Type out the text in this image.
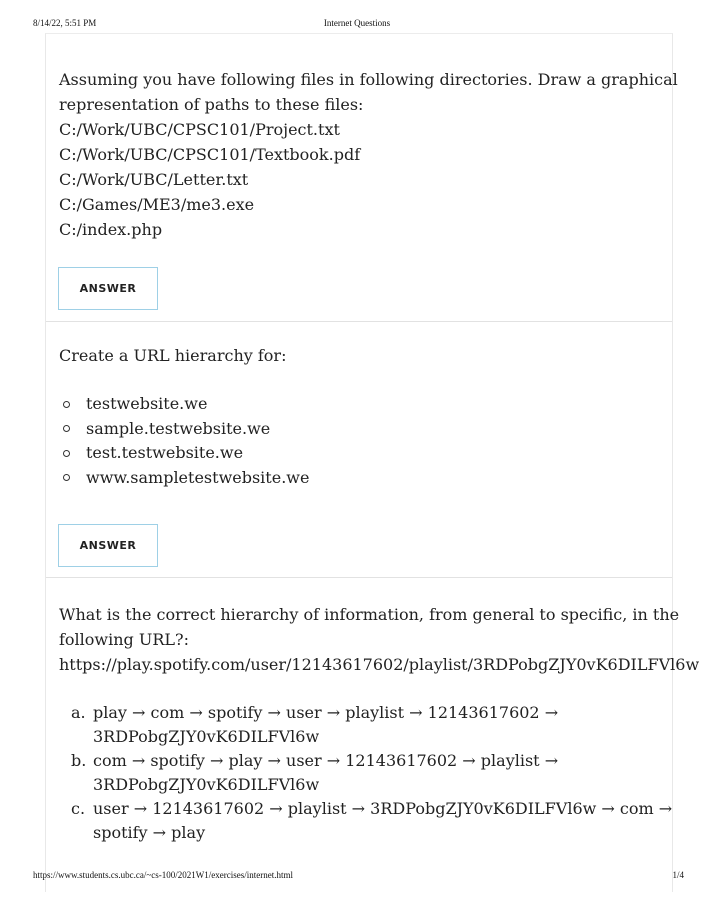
8/14/22, 5:51 PM	Internet Questions
Assuming you have following files in following directories. Draw a graphical
representation of paths to these files:
C:/Work/UBC/CPSC101/Project.txt
C:/Work/UBC/CPSC101/Textbook.pdf
C:/Work/UBC/Letter.txt
C:/Games/ME3/me3.exe
C:/index.php
ANSWER
Create a URL hierarchy for:
testwebsite.we
sample.testwebsite.we
test.testwebsite.we
www.sampletestwebsite.we
ANSWER
What is the correct hierarchy of information, from general to specific, in the
following URL?:
https://play.spotify.com/user/12143617602/playlist/3RDPobgZJY0vK6DILFVl6w
a. play → com → spotify → user → playlist → 12143617602 →
3RDPobgZJY0vK6DILFVl6w
b. com → spotify → play → user → 12143617602 → playlist →
3RDPobgZJY0vK6DILFVl6w
c. user → 12143617602 → playlist → 3RDPobgZJY0vK6DILFVl6w → com →
spotify → play
https://www.students.cs.ubc.ca/~cs-100/2021W1/exercises/internet.html	1/4
